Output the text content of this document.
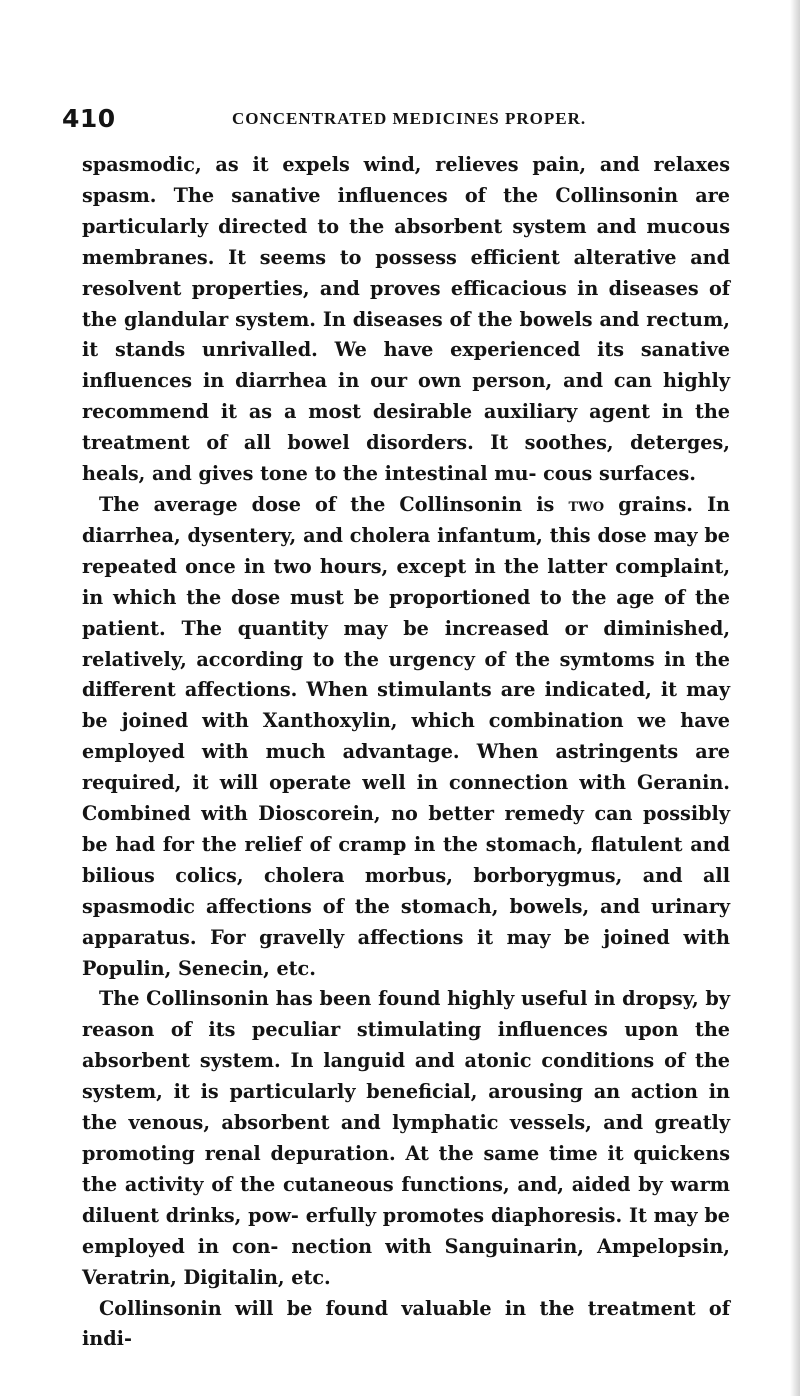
410	CONCENTRATED MEDICINES PROPER.

spasmodic, as it expels wind, relieves pain, and relaxes spasm. The sanative influences of the Collinsonin are particularly directed to the absorbent system and mucous membranes. It seems to possess efficient alterative and resolvent properties, and proves efficacious in diseases of the glandular system. In diseases of the bowels and rectum, it stands unrivalled. We have experienced its sanative influences in diarrhea in our own person, and can highly recommend it as a most desirable auxiliary agent in the treatment of all bowel disorders. It soothes, deterges, heals, and gives tone to the intestinal mu- cous surfaces.

The average dose of the Collinsonin is two grains. In diarrhea, dysentery, and cholera infantum, this dose may be repeated once in two hours, except in the latter complaint, in which the dose must be proportioned to the age of the patient. The quantity may be increased or diminished, relatively, according to the urgency of the symtoms in the different affections. When stimulants are indicated, it may be joined with Xanthoxylin, which combination we have employed with much advantage. When astringents are required, it will operate well in connection with Geranin. Combined with Dioscorein, no better remedy can possibly be had for the relief of cramp in the stomach, flatulent and bilious colics, cholera morbus, borborygmus, and all spasmodic affections of the stomach, bowels, and urinary apparatus. For gravelly affections it may be joined with Populin, Senecin, etc.

The Collinsonin has been found highly useful in dropsy, by reason of its peculiar stimulating influences upon the absorbent system. In languid and atonic conditions of the system, it is particularly beneficial, arousing an action in the venous, absorbent and lymphatic vessels, and greatly promoting renal depuration. At the same time it quickens the activity of the cutaneous functions, and, aided by warm diluent drinks, pow- erfully promotes diaphoresis. It may be employed in con- nection with Sanguinarin, Ampelopsin, Veratrin, Digitalin, etc.

Collinsonin will be found valuable in the treatment of indi-
